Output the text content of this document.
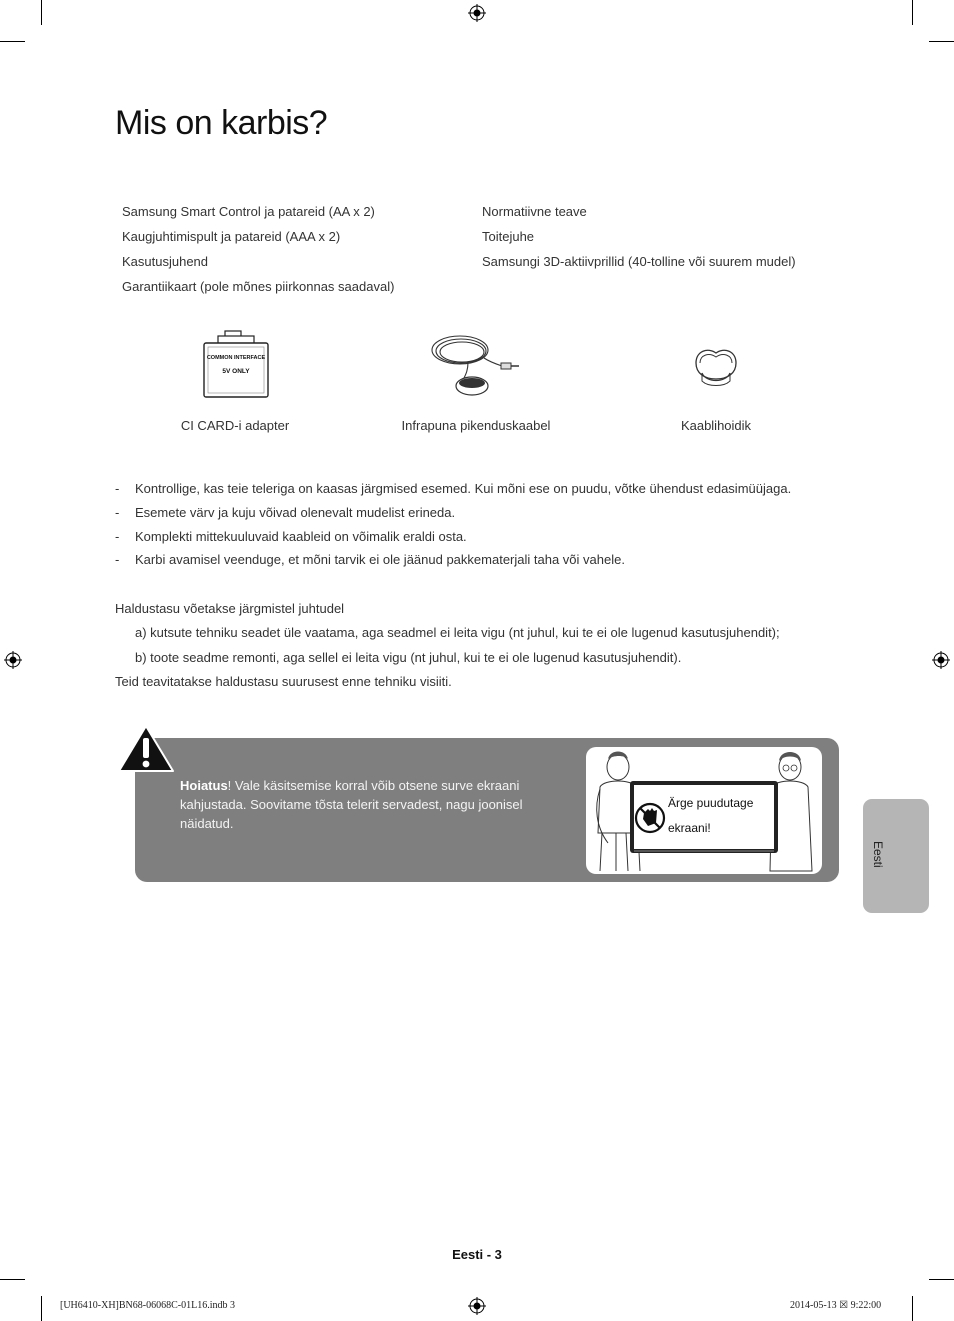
Mis on karbis?
Samsung Smart Control ja patareid (AA x 2)
Kaugjuhtimispult ja patareid (AAA x 2)
Kasutusjuhend
Garantiikaart (pole mõnes piirkonnas saadaval)
Normatiivne teave
Toitejuhe
Samsungi 3D-aktiivprillid (40-tolline või suurem mudel)
COMMON INTERFACE
5V ONLY
CI CARD-i adapter	Infrapuna pikenduskaabel	Kaablihoidik
- Kontrollige, kas teie teleriga on kaasas järgmised esemed. Kui mõni ese on puudu, võtke ühendust edasimüüjaga.
- Esemete värv ja kuju võivad olenevalt mudelist erineda.
- Komplekti mittekuuluvaid kaableid on võimalik eraldi osta.
- Karbi avamisel veenduge, et mõni tarvik ei ole jäänud pakkematerjali taha või vahele.
Haldustasu võetakse järgmistel juhtudel
a) kutsute tehniku seadet üle vaatama, aga seadmel ei leita vigu (nt juhul, kui te ei ole lugenud kasutusjuhendit);
b) toote seadme remonti, aga sellel ei leita vigu (nt juhul, kui te ei ole lugenud kasutusjuhendit).
Teid teavitatakse haldustasu suurusest enne tehniku visiiti.
Hoiatus! Vale käsitsemise korral võib otsene surve ekraani kahjustada. Soovitame tõsta telerit servadest, nagu joonisel näidatud.
Ärge puudutage
ekraani!
Eesti
Eesti - 3
[UH6410-XH]BN68-06068C-01L16.indb 3	2014-05-13 ☒ 9:22:00
